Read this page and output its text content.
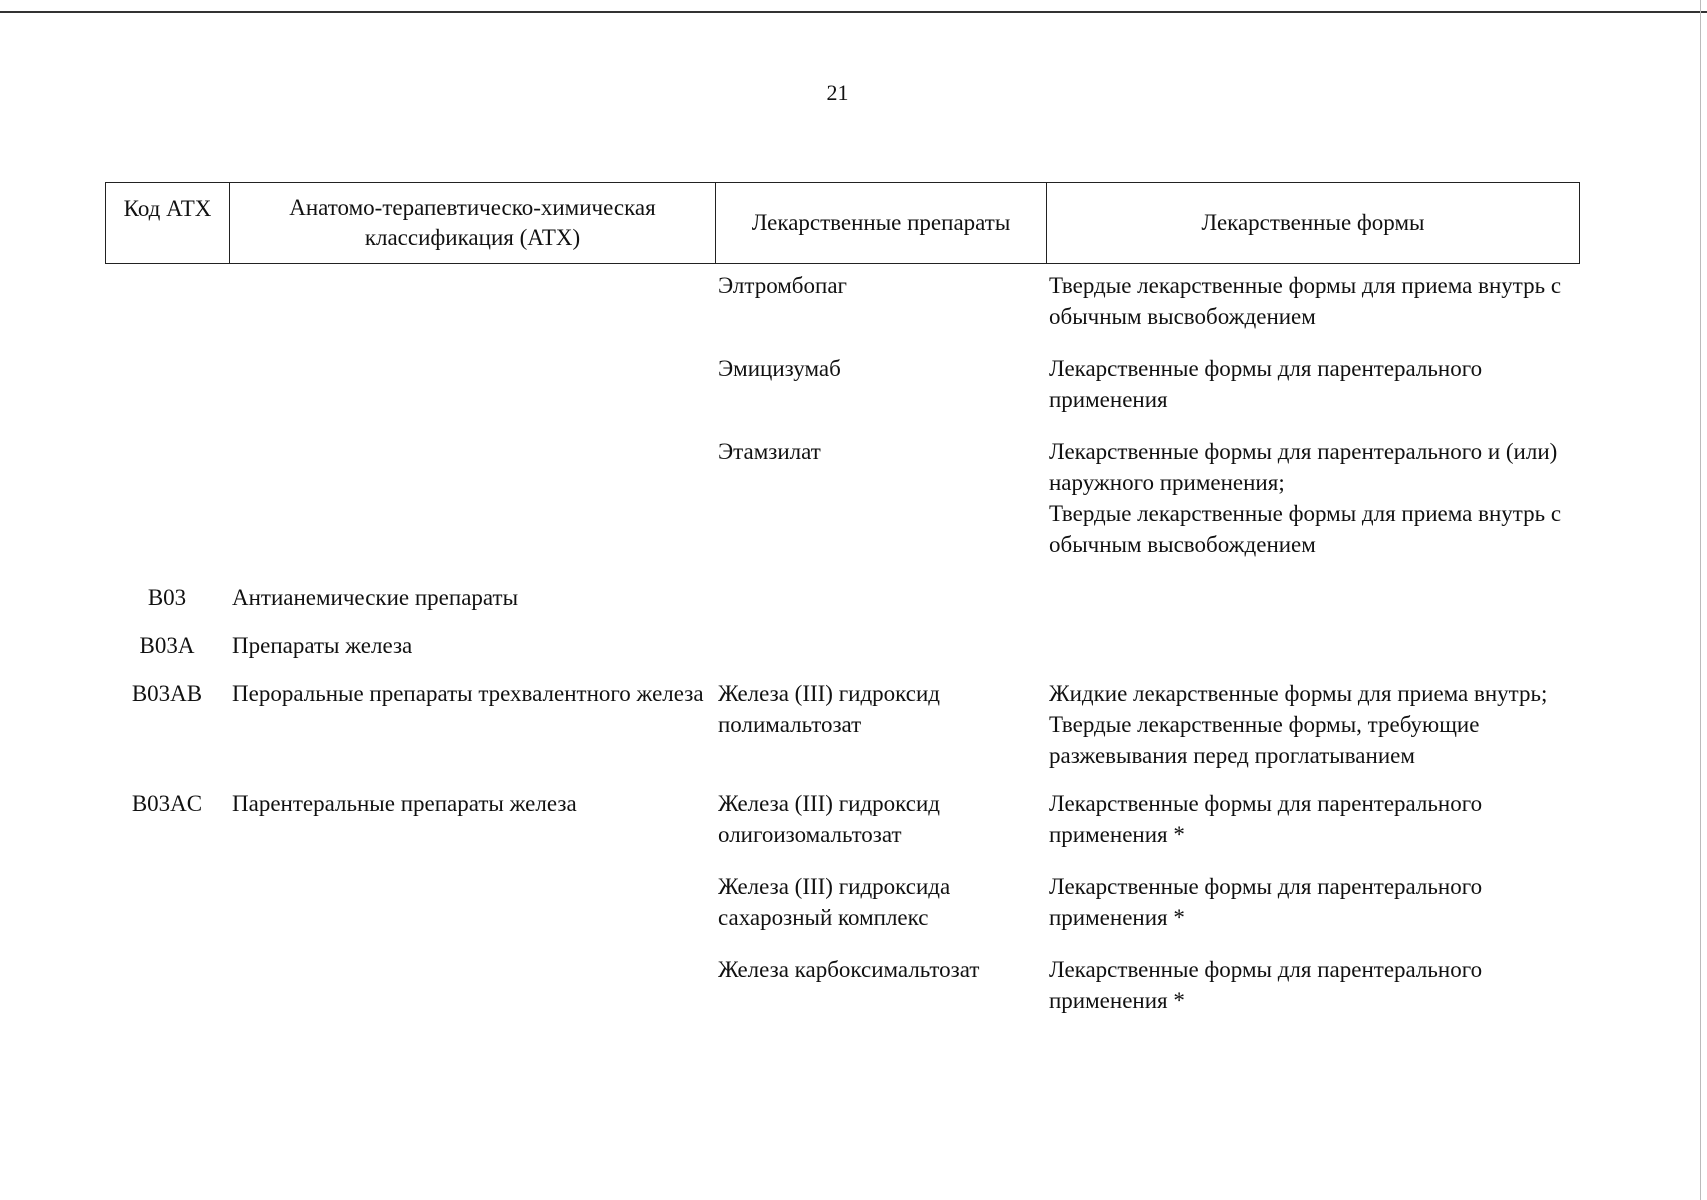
21
Код АТХ	Анатомо-терапевтическо-химическая классификация (АТХ)	Лекарственные препараты	Лекарственные формы
		Элтромбопаг	Твердые лекарственные формы для приема внутрь с обычным высвобождением

		Эмицизумаб	Лекарственные формы для парентерального применения

		Этамзилат	Лекарственные формы для парентерального и (или) наружного применения;
Твердые лекарственные формы для приема внутрь с обычным высвобождением

B03	Антианемические препараты		
B03A	Препараты железа		
B03AB	Пероральные препараты трехвалентного железа	Железа (III) гидроксид полимальтозат	Жидкие лекарственные формы для приема внутрь;
Твердые лекарственные формы, требующие разжевывания перед проглатыванием

B03AC	Парентеральные препараты железа	Железа (III) гидроксид олигоизомальтозат	Лекарственные формы для парентерального применения *

		Железа (III) гидроксида сахарозный комплекс	Лекарственные формы для парентерального применения *

		Железа карбоксимальтозат	Лекарственные формы для парентерального применения *
